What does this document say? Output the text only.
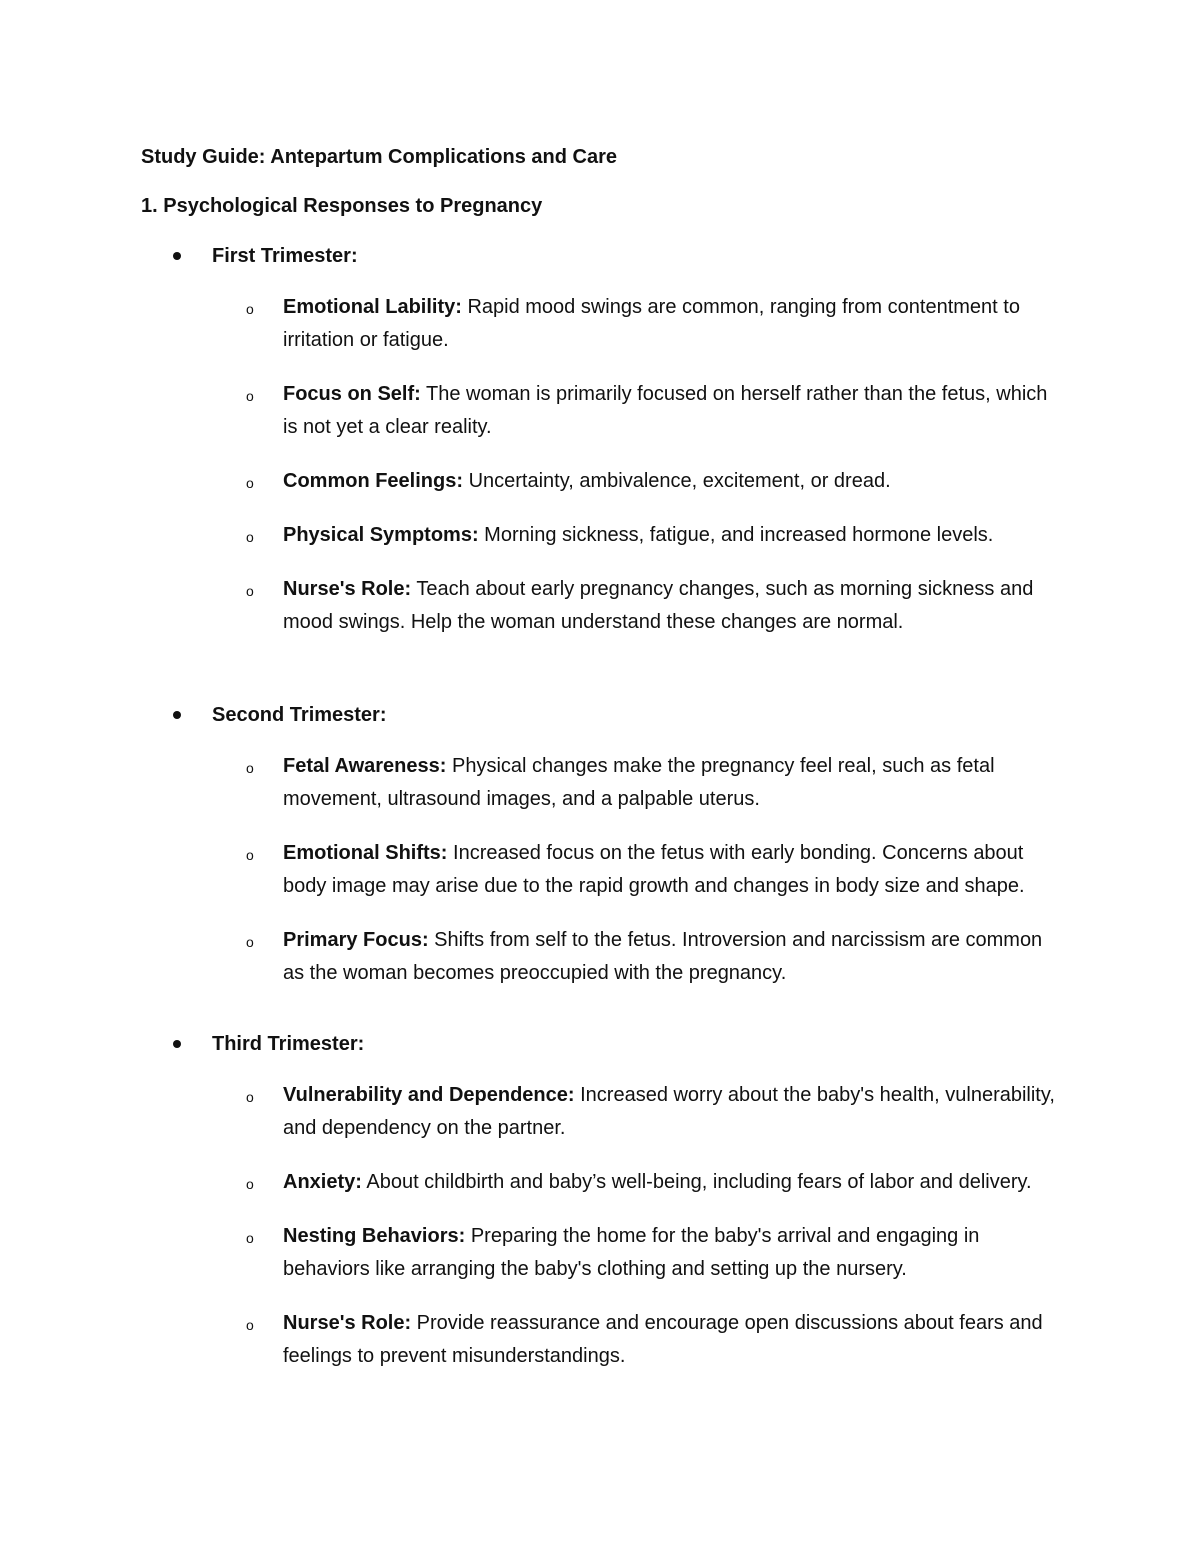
Study Guide: Antepartum Complications and Care
1. Psychological Responses to Pregnancy
First Trimester:
o Emotional Lability: Rapid mood swings are common, ranging from contentment to irritation or fatigue.
o Focus on Self: The woman is primarily focused on herself rather than the fetus, which is not yet a clear reality.
o Common Feelings: Uncertainty, ambivalence, excitement, or dread.
o Physical Symptoms: Morning sickness, fatigue, and increased hormone levels.
o Nurse's Role: Teach about early pregnancy changes, such as morning sickness and mood swings. Help the woman understand these changes are normal.
Second Trimester:
o Fetal Awareness: Physical changes make the pregnancy feel real, such as fetal movement, ultrasound images, and a palpable uterus.
o Emotional Shifts: Increased focus on the fetus with early bonding. Concerns about body image may arise due to the rapid growth and changes in body size and shape.
o Primary Focus: Shifts from self to the fetus. Introversion and narcissism are common as the woman becomes preoccupied with the pregnancy.
Third Trimester:
o Vulnerability and Dependence: Increased worry about the baby's health, vulnerability, and dependency on the partner.
o Anxiety: About childbirth and baby’s well-being, including fears of labor and delivery.
o Nesting Behaviors: Preparing the home for the baby's arrival and engaging in behaviors like arranging the baby's clothing and setting up the nursery.
o Nurse's Role: Provide reassurance and encourage open discussions about fears and feelings to prevent misunderstandings.
